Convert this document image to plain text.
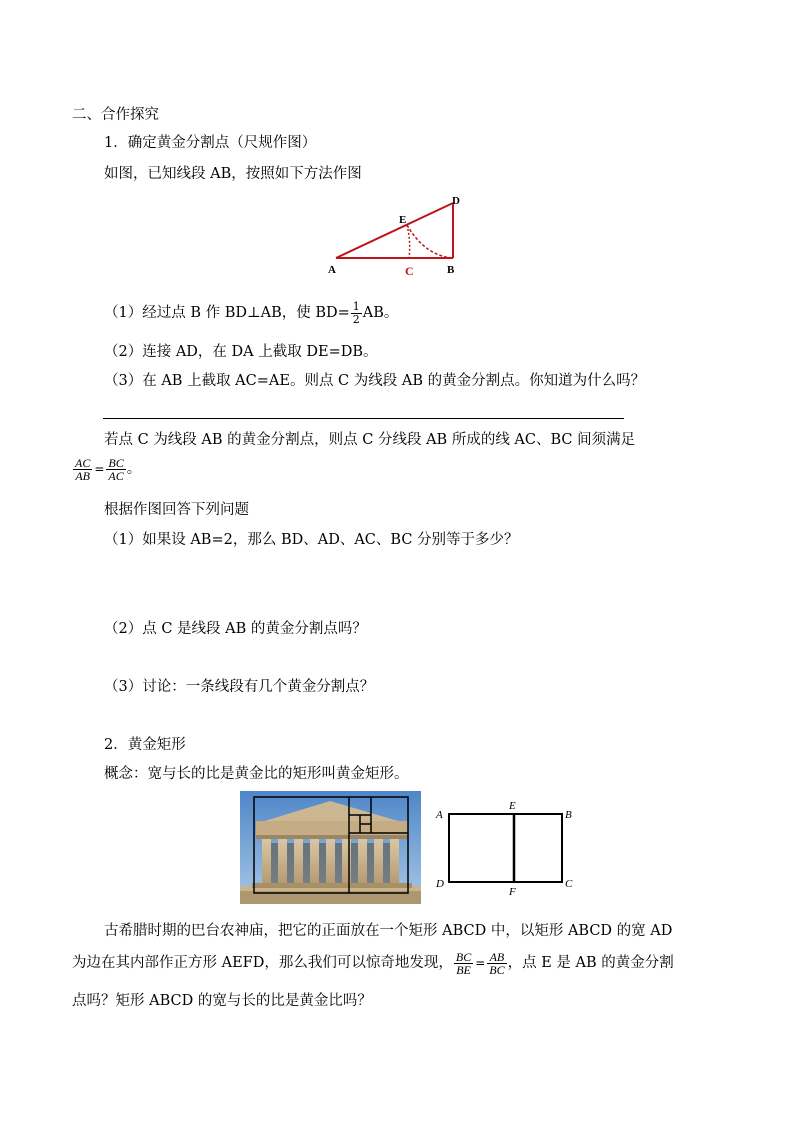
二、合作探究
1．确定黄金分割点（尺规作图）
如图，已知线段 AB，按照如下方法作图
A	B
C
D
E
（1）经过点 B 作 BD⊥AB，使 $BD= \frac{1}{2}$ AB。
（2）连接 AD，在 DA 上截取 DE=DB。
（3）在 AB 上截取 AC=AE。则点 C 为线段 AB 的黄金分割点。你知道为什么吗？
若点 C 为线段 AB 的黄金分割点，则点 C 分线段 AB 所成的线 AC、BC 间须满足
$\frac{AC}{AB} = \frac{BC}{AC}$ 。
根据作图回答下列问题
（1）如果设 AB=2，那么 BD、AD、AC、BC 分别等于多少？
（2）点 C 是线段 AB 的黄金分割点吗？
（3）讨论：一条线段有几个黄金分割点？
2．黄金矩形
概念：宽与长的比是黄金比的矩形叫黄金矩形。
A
E
B
D
F
C
古希腊时期的巴台农神庙，把它的正面放在一个矩形 ABCD 中，以矩形 ABCD 的宽 AD
为边在其内部作正方形 AEFD，那么我们可以惊奇地发现， $\frac{BC}{BE} = \frac{AB}{BC}$ ，点 E 是 AB 的黄金分割
点吗？矩形 ABCD 的宽与长的比是黄金比吗？
